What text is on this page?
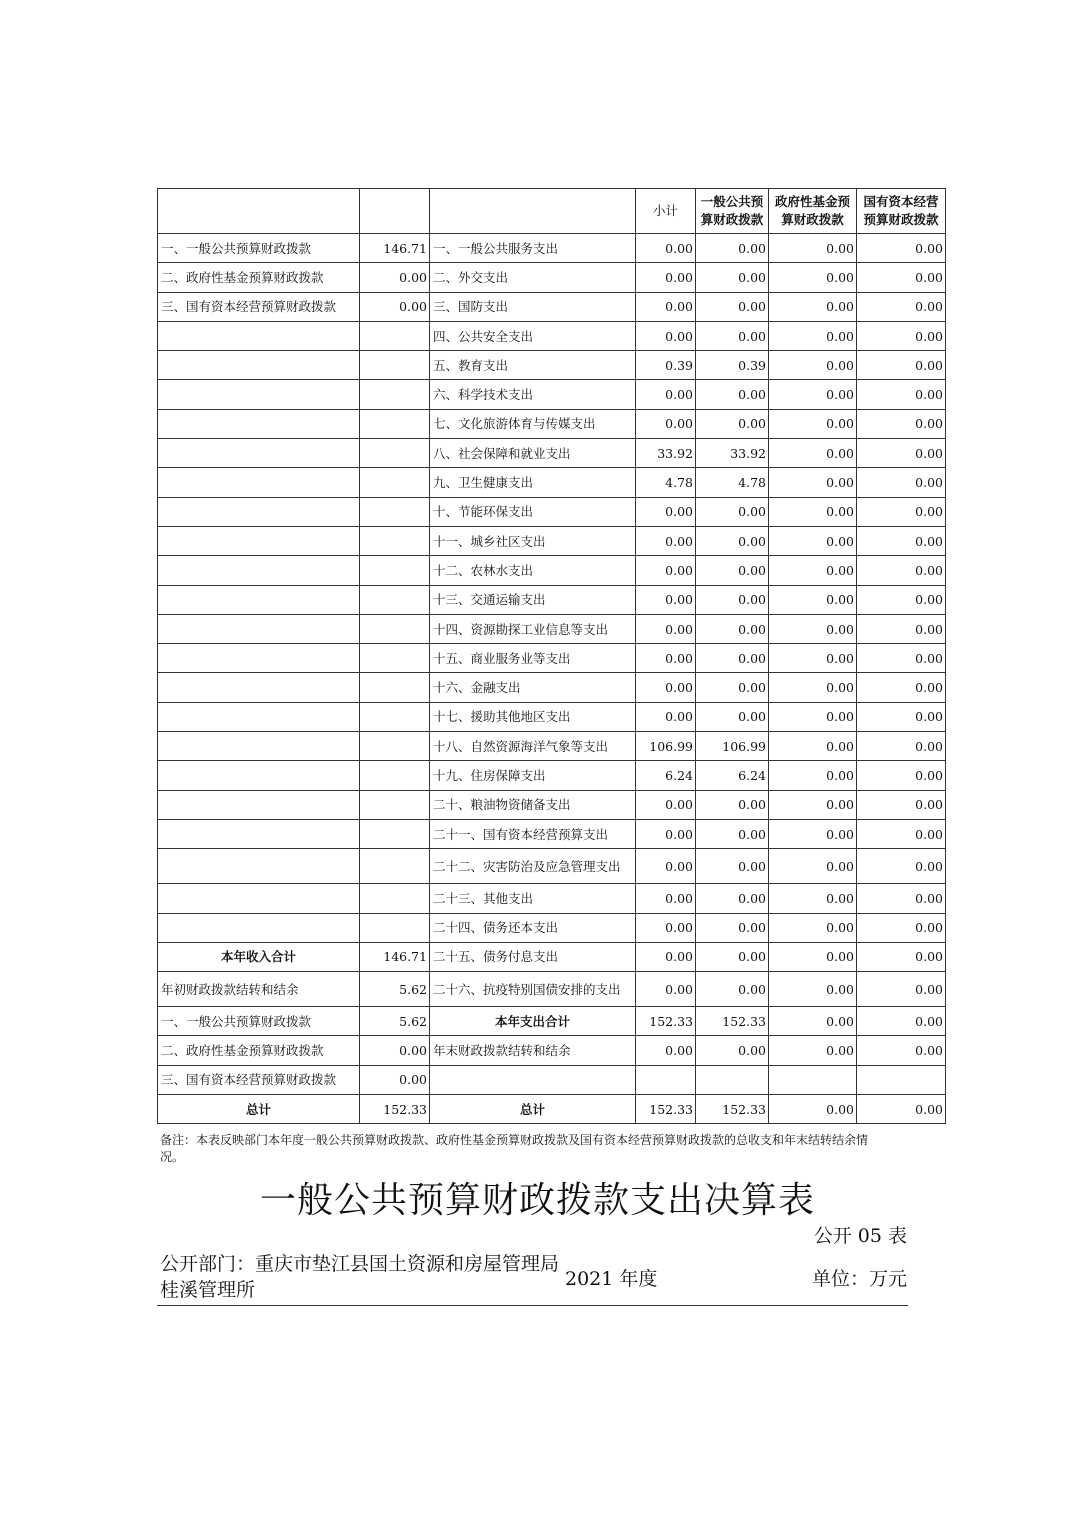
			小计	一般公共预算财政拨款	政府性基金预算财政拨款	国有资本经营预算财政拨款
一、一般公共预算财政拨款	146.71	一、一般公共服务支出	0.00	0.00	0.00	0.00
二、政府性基金预算财政拨款	0.00	二、外交支出	0.00	0.00	0.00	0.00
三、国有资本经营预算财政拨款	0.00	三、国防支出	0.00	0.00	0.00	0.00
		四、公共安全支出	0.00	0.00	0.00	0.00
		五、教育支出	0.39	0.39	0.00	0.00
		六、科学技术支出	0.00	0.00	0.00	0.00
		七、文化旅游体育与传媒支出	0.00	0.00	0.00	0.00
		八、社会保障和就业支出	33.92	33.92	0.00	0.00
		九、卫生健康支出	4.78	4.78	0.00	0.00
		十、节能环保支出	0.00	0.00	0.00	0.00
		十一、城乡社区支出	0.00	0.00	0.00	0.00
		十二、农林水支出	0.00	0.00	0.00	0.00
		十三、交通运输支出	0.00	0.00	0.00	0.00
		十四、资源勘探工业信息等支出	0.00	0.00	0.00	0.00
		十五、商业服务业等支出	0.00	0.00	0.00	0.00
		十六、金融支出	0.00	0.00	0.00	0.00
		十七、援助其他地区支出	0.00	0.00	0.00	0.00
		十八、自然资源海洋气象等支出	106.99	106.99	0.00	0.00
		十九、住房保障支出	6.24	6.24	0.00	0.00
		二十、粮油物资储备支出	0.00	0.00	0.00	0.00
		二十一、国有资本经营预算支出	0.00	0.00	0.00	0.00
		二十二、灾害防治及应急管理支出	0.00	0.00	0.00	0.00
		二十三、其他支出	0.00	0.00	0.00	0.00
		二十四、债务还本支出	0.00	0.00	0.00	0.00
本年收入合计	146.71	二十五、债务付息支出	0.00	0.00	0.00	0.00
年初财政拨款结转和结余	5.62	二十六、抗疫特别国债安排的支出	0.00	0.00	0.00	0.00
一、一般公共预算财政拨款	5.62	本年支出合计	152.33	152.33	0.00	0.00
二、政府性基金预算财政拨款	0.00	年末财政拨款结转和结余	0.00	0.00	0.00	0.00
三、国有资本经营预算财政拨款	0.00					
总计	152.33	总计	152.33	152.33	0.00	0.00
备注：本表反映部门本年度一般公共预算财政拨款、政府性基金预算财政拨款及国有资本经营预算财政拨款的总收支和年末结转结余情况。
一般公共预算财政拨款支出决算表
公开 05 表
公开部门：重庆市垫江县国土资源和房屋管理局桂溪管理所	2021 年度	单位：万元
